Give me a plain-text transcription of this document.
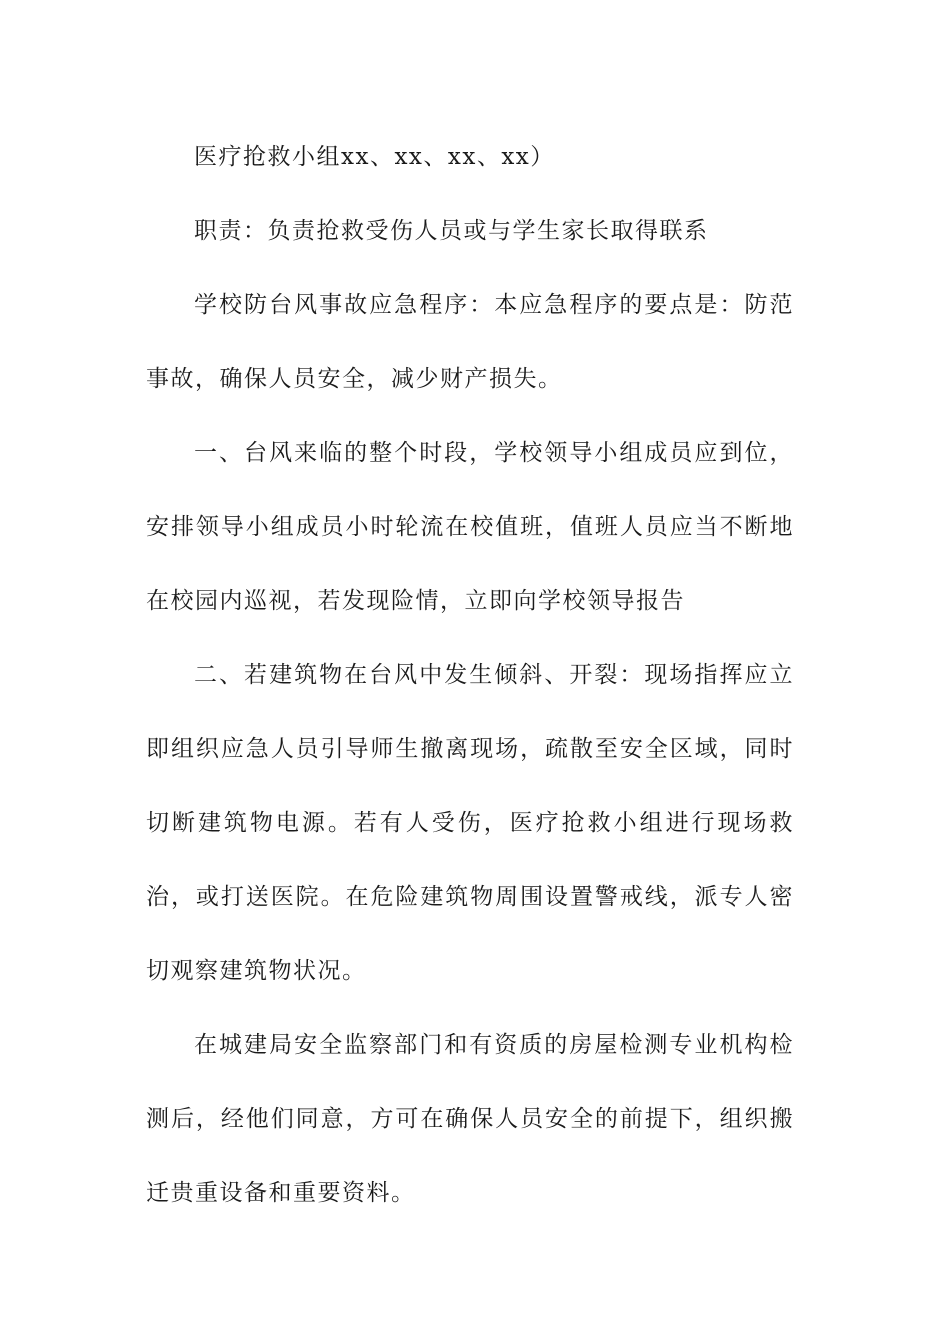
医疗抢救小组xx、xx、xx、xx）

职责：负责抢救受伤人员或与学生家长取得联系

学校防台风事故应急程序：本应急程序的要点是：防范事故，确保人员安全，减少财产损失。

一、台风来临的整个时段，学校领导小组成员应到位，安排领导小组成员小时轮流在校值班，值班人员应当不断地在校园内巡视，若发现险情，立即向学校领导报告

二、若建筑物在台风中发生倾斜、开裂：现场指挥应立即组织应急人员引导师生撤离现场，疏散至安全区域，同时切断建筑物电源。若有人受伤，医疗抢救小组进行现场救治，或打送医院。在危险建筑物周围设置警戒线，派专人密切观察建筑物状况。

在城建局安全监察部门和有资质的房屋检测专业机构检测后，经他们同意，方可在确保人员安全的前提下，组织搬迁贵重设备和重要资料。
